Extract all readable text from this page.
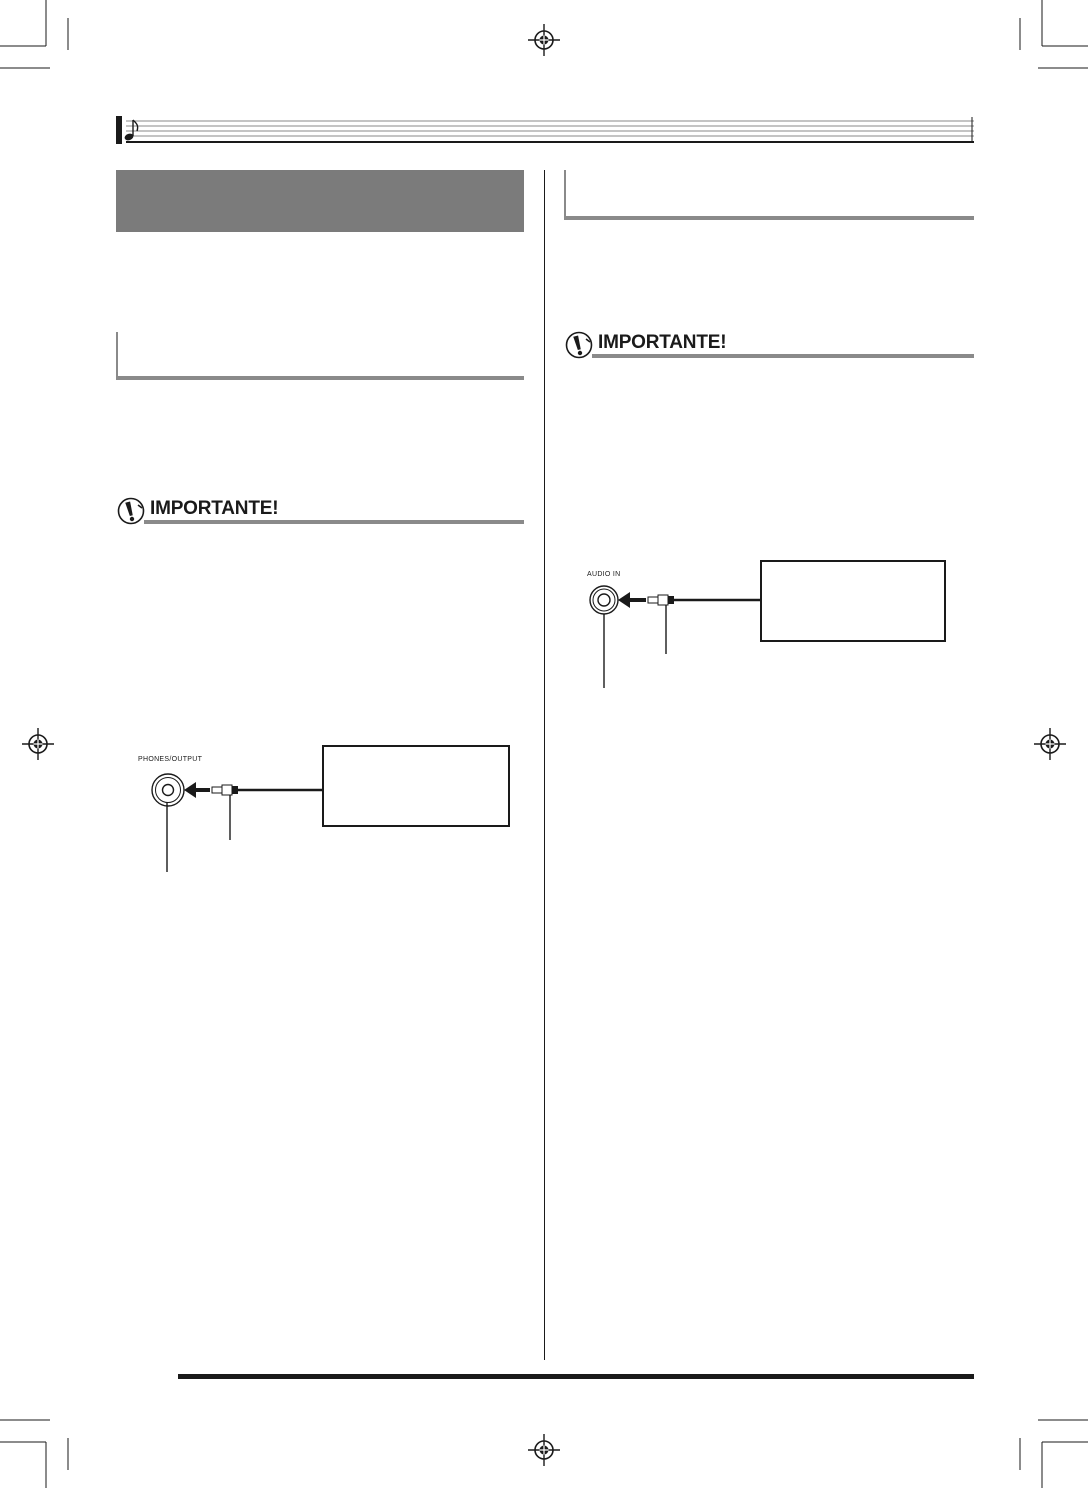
IMPORTANTE!
PHONES/OUTPUT
IMPORTANTE!
AUDIO IN
